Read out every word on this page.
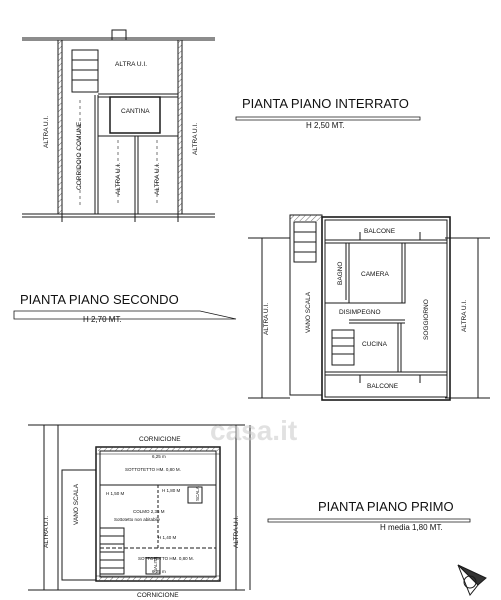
ALTRA U.I.
CANTINA
ALTRA U.I.	CORRIDOIO COMUNE	ALTRA U.I.	ALTRA U.I.
ALTRA U.I.
PIANTA PIANO INTERRATO
H 2,50 MT.
BALCONE
BAGNO	CAMERA
DISIMPEGNO
CUCINA
SOGGIORNO
BALCONE
VANO SCALA
ALTRA U.I.	ALTRA U.I.
PIANTA PIANO SECONDO
H 2,70 MT.
CORNICIONE
6,25 m
SOTTOTETTO HM. 0,80 M.
H 1,50 M
H 1,80 M
COLMO 2,35 M
Sottotetto non abitabile
H 1,40 M
SOTTOTETTO HM. 0,80 M.
6,25 m
SALITA
SCALA
CORNICIONE
VANO SCALA
ALTRA U.I.	ALTRA U.I.
PIANTA PIANO PRIMO
H media 1,80 MT.
casa.it
